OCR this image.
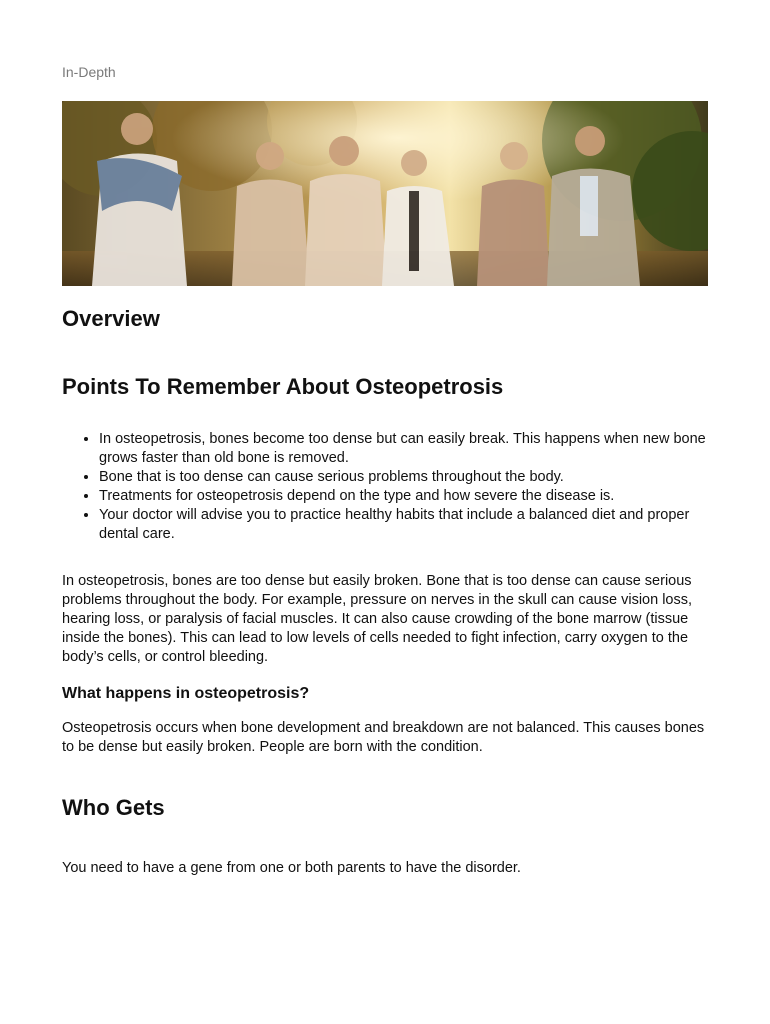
In-Depth
Overview
Points To Remember About Osteopetrosis
• In osteopetrosis, bones become too dense but can easily break. This happens when new bone grows faster than old bone is removed.
• Bone that is too dense can cause serious problems throughout the body.
• Treatments for osteopetrosis depend on the type and how severe the disease is.
• Your doctor will advise you to practice healthy habits that include a balanced diet and proper dental care.

In osteopetrosis, bones are too dense but easily broken. Bone that is too dense can cause serious problems throughout the body. For example, pressure on nerves in the skull can cause vision loss, hearing loss, or paralysis of facial muscles. It can also cause crowding of the bone marrow (tissue inside the bones). This can lead to low levels of cells needed to fight infection, carry oxygen to the body’s cells, or control bleeding.

What happens in osteopetrosis?

Osteopetrosis occurs when bone development and breakdown are not balanced. This causes bones to be dense but easily broken. People are born with the condition.

Who Gets

You need to have a gene from one or both parents to have the disorder.
